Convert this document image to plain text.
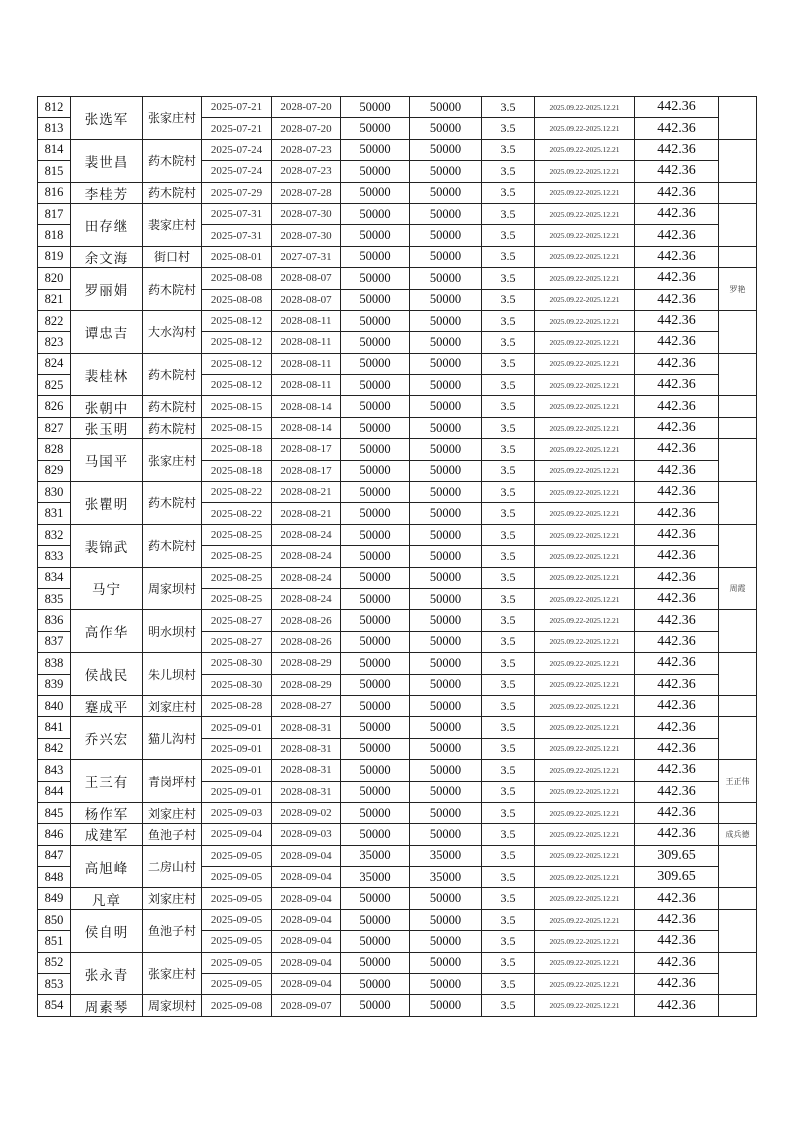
812	张选军	张家庄村	2025-07-21	2028-07-20	50000	50000	3.5	2025.09.22-2025.12.21	442.36	
813			2025-07-21	2028-07-20	50000	50000	3.5	2025.09.22-2025.12.21	442.36	
814	裴世昌	药木院村	2025-07-24	2028-07-23	50000	50000	3.5	2025.09.22-2025.12.21	442.36	
815			2025-07-24	2028-07-23	50000	50000	3.5	2025.09.22-2025.12.21	442.36	
816	李桂芳	药木院村	2025-07-29	2028-07-28	50000	50000	3.5	2025.09.22-2025.12.21	442.36	
817	田存继	裴家庄村	2025-07-31	2028-07-30	50000	50000	3.5	2025.09.22-2025.12.21	442.36	
818			2025-07-31	2028-07-30	50000	50000	3.5	2025.09.22-2025.12.21	442.36	
819	余文海	街口村	2025-08-01	2027-07-31	50000	50000	3.5	2025.09.22-2025.12.21	442.36	
820	罗丽娟	药木院村	2025-08-08	2028-08-07	50000	50000	3.5	2025.09.22-2025.12.21	442.36	罗艳
821			2025-08-08	2028-08-07	50000	50000	3.5	2025.09.22-2025.12.21	442.36	
822	谭忠吉	大水沟村	2025-08-12	2028-08-11	50000	50000	3.5	2025.09.22-2025.12.21	442.36	
823			2025-08-12	2028-08-11	50000	50000	3.5	2025.09.22-2025.12.21	442.36	
824	裴桂林	药木院村	2025-08-12	2028-08-11	50000	50000	3.5	2025.09.22-2025.12.21	442.36	
825			2025-08-12	2028-08-11	50000	50000	3.5	2025.09.22-2025.12.21	442.36	
826	张朝中	药木院村	2025-08-15	2028-08-14	50000	50000	3.5	2025.09.22-2025.12.21	442.36	
827	张玉明	药木院村	2025-08-15	2028-08-14	50000	50000	3.5	2025.09.22-2025.12.21	442.36	
828	马国平	张家庄村	2025-08-18	2028-08-17	50000	50000	3.5	2025.09.22-2025.12.21	442.36	
829			2025-08-18	2028-08-17	50000	50000	3.5	2025.09.22-2025.12.21	442.36	
830	张瞿明	药木院村	2025-08-22	2028-08-21	50000	50000	3.5	2025.09.22-2025.12.21	442.36	
831			2025-08-22	2028-08-21	50000	50000	3.5	2025.09.22-2025.12.21	442.36	
832	裴锦武	药木院村	2025-08-25	2028-08-24	50000	50000	3.5	2025.09.22-2025.12.21	442.36	
833			2025-08-25	2028-08-24	50000	50000	3.5	2025.09.22-2025.12.21	442.36	
834	马宁	周家坝村	2025-08-25	2028-08-24	50000	50000	3.5	2025.09.22-2025.12.21	442.36	周霞
835			2025-08-25	2028-08-24	50000	50000	3.5	2025.09.22-2025.12.21	442.36	
836	高作华	明水坝村	2025-08-27	2028-08-26	50000	50000	3.5	2025.09.22-2025.12.21	442.36	
837			2025-08-27	2028-08-26	50000	50000	3.5	2025.09.22-2025.12.21	442.36	
838	侯战民	朱儿坝村	2025-08-30	2028-08-29	50000	50000	3.5	2025.09.22-2025.12.21	442.36	
839			2025-08-30	2028-08-29	50000	50000	3.5	2025.09.22-2025.12.21	442.36	
840	蹇成平	刘家庄村	2025-08-28	2028-08-27	50000	50000	3.5	2025.09.22-2025.12.21	442.36	
841	乔兴宏	猫儿沟村	2025-09-01	2028-08-31	50000	50000	3.5	2025.09.22-2025.12.21	442.36	
842			2025-09-01	2028-08-31	50000	50000	3.5	2025.09.22-2025.12.21	442.36	
843	王三有	青岗坪村	2025-09-01	2028-08-31	50000	50000	3.5	2025.09.22-2025.12.21	442.36	王正伟
844			2025-09-01	2028-08-31	50000	50000	3.5	2025.09.22-2025.12.21	442.36	
845	杨作军	刘家庄村	2025-09-03	2028-09-02	50000	50000	3.5	2025.09.22-2025.12.21	442.36	
846	成建军	鱼池子村	2025-09-04	2028-09-03	50000	50000	3.5	2025.09.22-2025.12.21	442.36	成兵德
847	高旭峰	二房山村	2025-09-05	2028-09-04	35000	35000	3.5	2025.09.22-2025.12.21	309.65	
848			2025-09-05	2028-09-04	35000	35000	3.5	2025.09.22-2025.12.21	309.65	
849	凡章	刘家庄村	2025-09-05	2028-09-04	50000	50000	3.5	2025.09.22-2025.12.21	442.36	
850	侯自明	鱼池子村	2025-09-05	2028-09-04	50000	50000	3.5	2025.09.22-2025.12.21	442.36	
851			2025-09-05	2028-09-04	50000	50000	3.5	2025.09.22-2025.12.21	442.36	
852	张永青	张家庄村	2025-09-05	2028-09-04	50000	50000	3.5	2025.09.22-2025.12.21	442.36	
853			2025-09-05	2028-09-04	50000	50000	3.5	2025.09.22-2025.12.21	442.36	
854	周素琴	周家坝村	2025-09-08	2028-09-07	50000	50000	3.5	2025.09.22-2025.12.21	442.36	
